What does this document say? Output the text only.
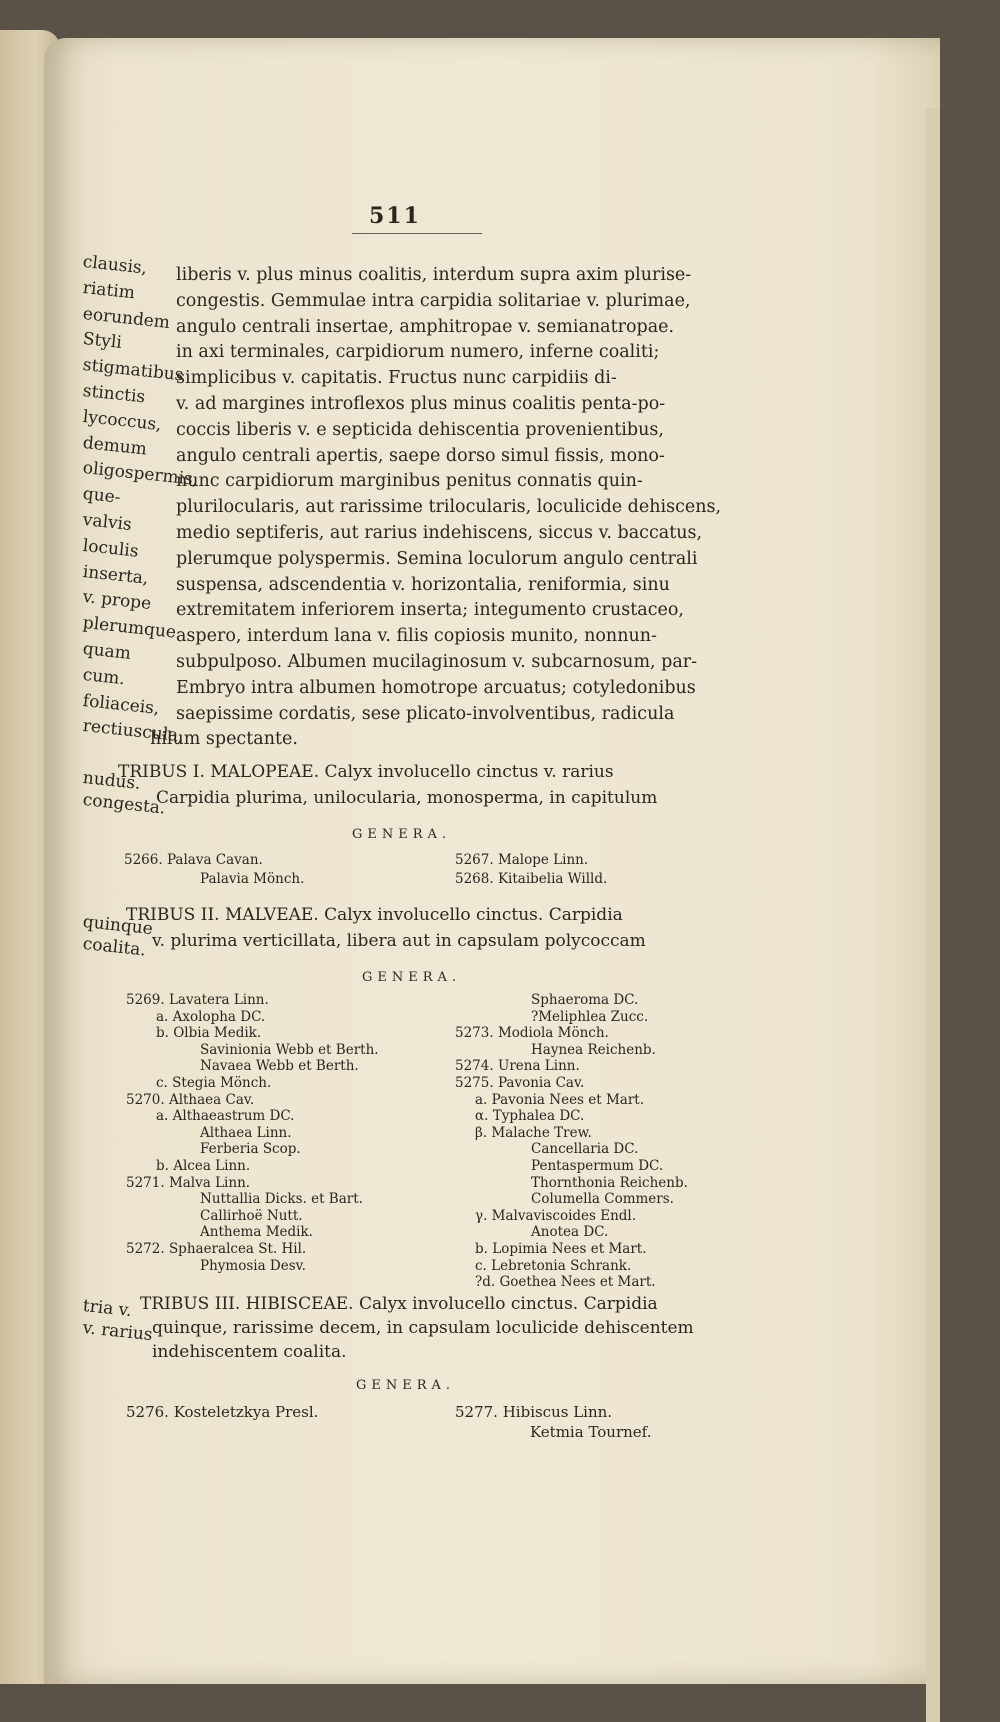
511
liberis v. plus minus coalitis, interdum supra axim plurise-
congestis. Gemmulae intra carpidia solitariae v. plurimae,
angulo centrali insertae, amphitropae v. semianatropae.
in axi terminales, carpidiorum numero, inferne coaliti;
simplicibus v. capitatis. Fructus nunc carpidiis di-
v. ad margines introflexos plus minus coalitis penta-po-
coccis liberis v. e septicida dehiscentia provenientibus,
angulo centrali apertis, saepe dorso simul fissis, mono-
nunc carpidiorum marginibus penitus connatis quin-
plurilocularis, aut rarissime trilocularis, loculicide dehiscens,
medio septiferis, aut rarius indehiscens, siccus v. baccatus,
plerumque polyspermis. Semina loculorum angulo centrali
suspensa, adscendentia v. horizontalia, reniformia, sinu
extremitatem inferiorem inserta; integumento crustaceo,
aspero, interdum lana v. filis copiosis munito, nonnun-
subpulposo. Albumen mucilaginosum v. subcarnosum, par-
Embryo intra albumen homotrope arcuatus; cotyledonibus
saepissime cordatis, sese plicato-involventibus, radicula
hilum spectante.
clausis,
riatim
eorundem
Styli
stigmatibus
stinctis
lycoccus,
demum
oligospermis,
que-
valvis
loculis
inserta,
v. prope
plerumque
quam
cum.
foliaceis,
rectiuscula,
TRIBUS I. MALOPEAE. Calyx involucello cinctus v. rarius
Carpidia plurima, unilocularia, monosperma, in capitulum
GENERA.
5266. Palava Cavan.
Palavia Mönch.
5267. Malope Linn.
5268. Kitaibelia Willd.
TRIBUS II. MALVEAE. Calyx involucello cinctus. Carpidia
v. plurima verticillata, libera aut in capsulam polycoccam
GENERA.
5269. Lavatera Linn.
a. Axolopha DC.
b. Olbia Medik.
Savinionia Webb et Berth.
Navaea Webb et Berth.
c. Stegia Mönch.
5270. Althaea Cav.
a. Althaeastrum DC.
Althaea Linn.
Ferberia Scop.
b. Alcea Linn.
5271. Malva Linn.
Nuttallia Dicks. et Bart.
Callirhoë Nutt.
Anthema Medik.
5272. Sphaeralcea St. Hil.
Phymosia Desv.
Sphaeroma DC.
?Meliphlea Zucc.
5273. Modiola Mönch.
Haynea Reichenb.
5274. Urena Linn.
5275. Pavonia Cav.
a. Pavonia Nees et Mart.
α. Typhalea DC.
β. Malache Trew.
Cancellaria DC.
Pentaspermum DC.
Thornthonia Reichenb.
Columella Commers.
γ. Malvaviscoides Endl.
Anotea DC.
b. Lopimia Nees et Mart.
c. Lebretonia Schrank.
?d. Goethea Nees et Mart.
TRIBUS III. HIBISCEAE. Calyx involucello cinctus. Carpidia
quinque, rarissime decem, in capsulam loculicide dehiscentem
indehiscentem coalita.
GENERA.
5276. Kosteletzkya Presl.	5277. Hibiscus Linn.
Ketmia Tournef.
nudus.
congesta.
quinque
coalita.
tria v.
v. rarius
